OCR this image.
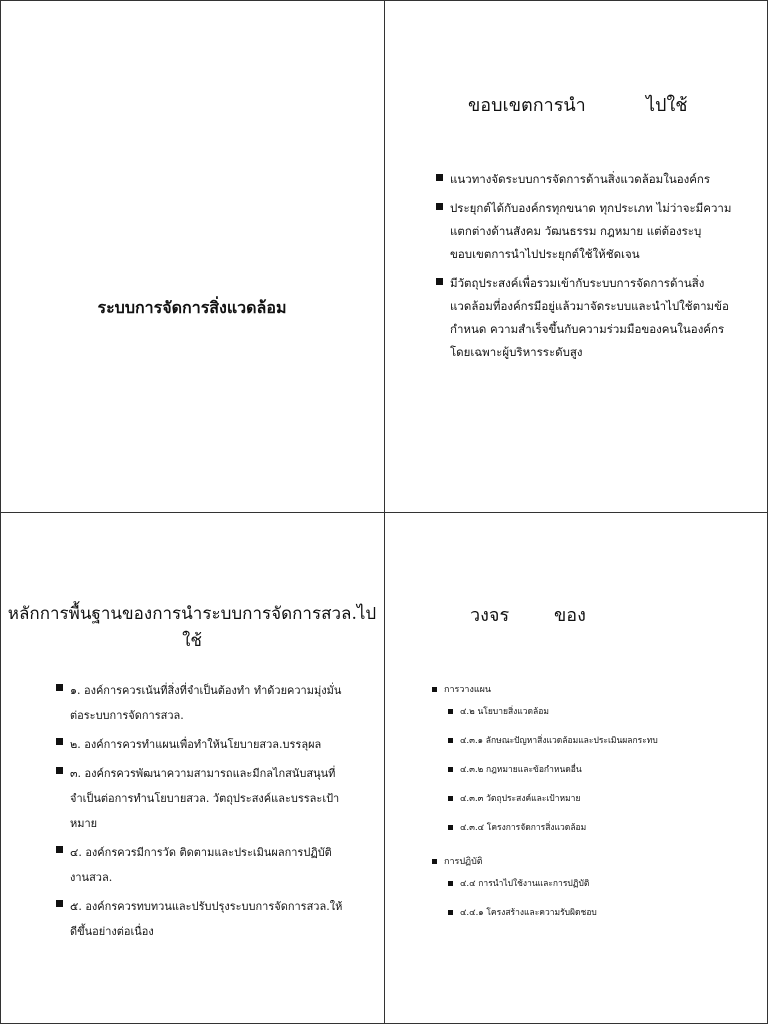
ระบบการจัดการสิ่งแวดล้อม
ขอบเขตการนำ	ไปใช้
แนวทางจัดระบบการจัดการด้านสิ่งแวดล้อมในองค์กร
ประยุกต์ได้กับองค์กรทุกขนาด ทุกประเภท ไม่ว่าจะมีความแตกต่างด้านสังคม วัฒนธรรม กฎหมาย แต่ต้องระบุขอบเขตการนำไปประยุกต์ใช้ให้ชัดเจน
มีวัตถุประสงค์เพื่อรวมเข้ากับระบบการจัดการด้านสิ่งแวดล้อมที่องค์กรมีอยู่แล้วมาจัดระบบและนำไปใช้ตามข้อกำหนด ความสำเร็จขึ้นกับความร่วมมือของคนในองค์กร โดยเฉพาะผู้บริหารระดับสูง
หลักการพื้นฐานของการนำระบบการจัดการสวล.ไปใช้
๑. องค์การควรเน้นที่สิ่งที่จำเป็นต้องทำ ทำด้วยความมุ่งมั่นต่อระบบการจัดการสวล.
๒. องค์การควรทำแผนเพื่อทำให้นโยบายสวล.บรรลุผล
๓. องค์กรควรพัฒนาความสามารถและมีกลไกสนับสนุนที่จำเป็นต่อการทำนโยบายสวล. วัตถุประสงค์และบรรละเป้าหมาย
๔. องค์กรควรมีการวัด ติดตามและประเมินผลการปฏิบัติงานสวล.
๕. องค์กรควรทบทวนและปรับปรุงระบบการจัดการสวล.ให้ดีขึ้นอย่างต่อเนื่อง
วงจร ของ
การวางแผน
๔.๒ นโยบายสิ่งแวดล้อม
๔.๓.๑ ลักษณะปัญหาสิ่งแวดล้อมและประเมินผลกระทบ
๔.๓.๒ กฎหมายและข้อกำหนดอื่น
๔.๓.๓ วัตถุประสงค์และเป้าหมาย
๔.๓.๔ โครงการจัดการสิ่งแวดล้อม
การปฏิบัติ
๔.๔ การนำไปใช้งานและการปฏิบัติ
๔.๔.๑ โครงสร้างและความรับผิดชอบ
